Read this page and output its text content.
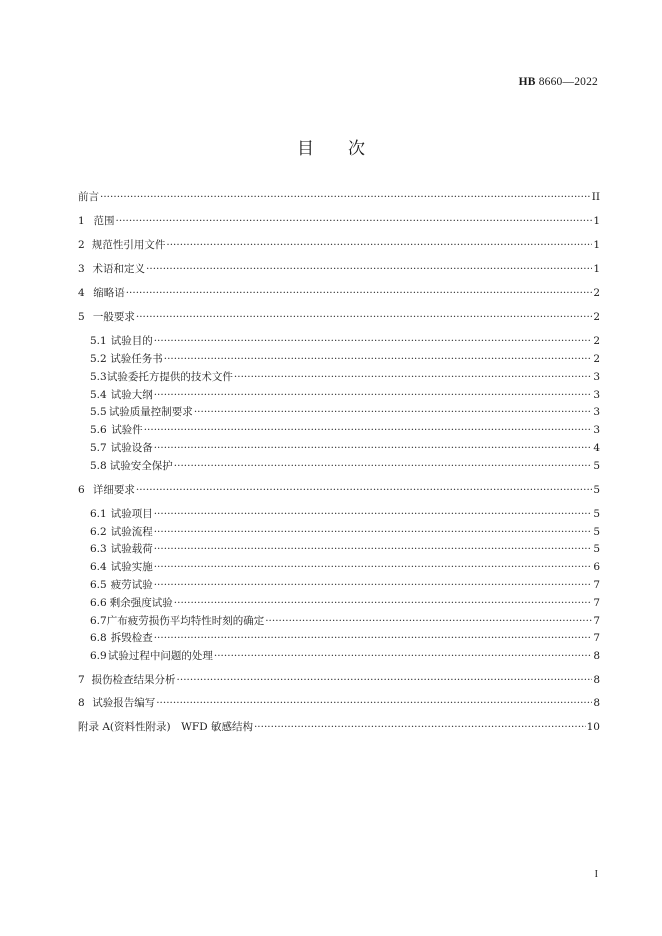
HB 8660—2022
目次
前言 ·····	II
1 范围 ·····	1
2 规范性引用文件 ·····	1
3 术语和定义 ·····	1
4 缩略语 ·····	2
5 一般要求 ·····	2
5.1 试验目的 ·····	2
5.2 试验任务书 ·····	2
5.3 试验委托方提供的技术文件 ·····	3
5.4 试验大纲 ·····	3
5.5 试验质量控制要求 ·····	3
5.6 试验件 ·····	3
5.7 试验设备 ·····	4
5.8 试验安全保护 ·····	5
6 详细要求 ·····	5
6.1 试验项目 ·····	5
6.2 试验流程 ·····	5
6.3 试验载荷 ·····	5
6.4 试验实施 ·····	6
6.5 疲劳试验 ·····	7
6.6 剩余强度试验 ·····	7
6.7 广布疲劳损伤平均特性时刻的确定 ·····	7
6.8 拆毁检查 ·····	7
6.9 试验过程中问题的处理 ·····	8
7 损伤检查结果分析 ·····	8
8 试验报告编写 ·····	8
附录 A(资料性附录)　WFD 敏感结构 ·····	10
I
